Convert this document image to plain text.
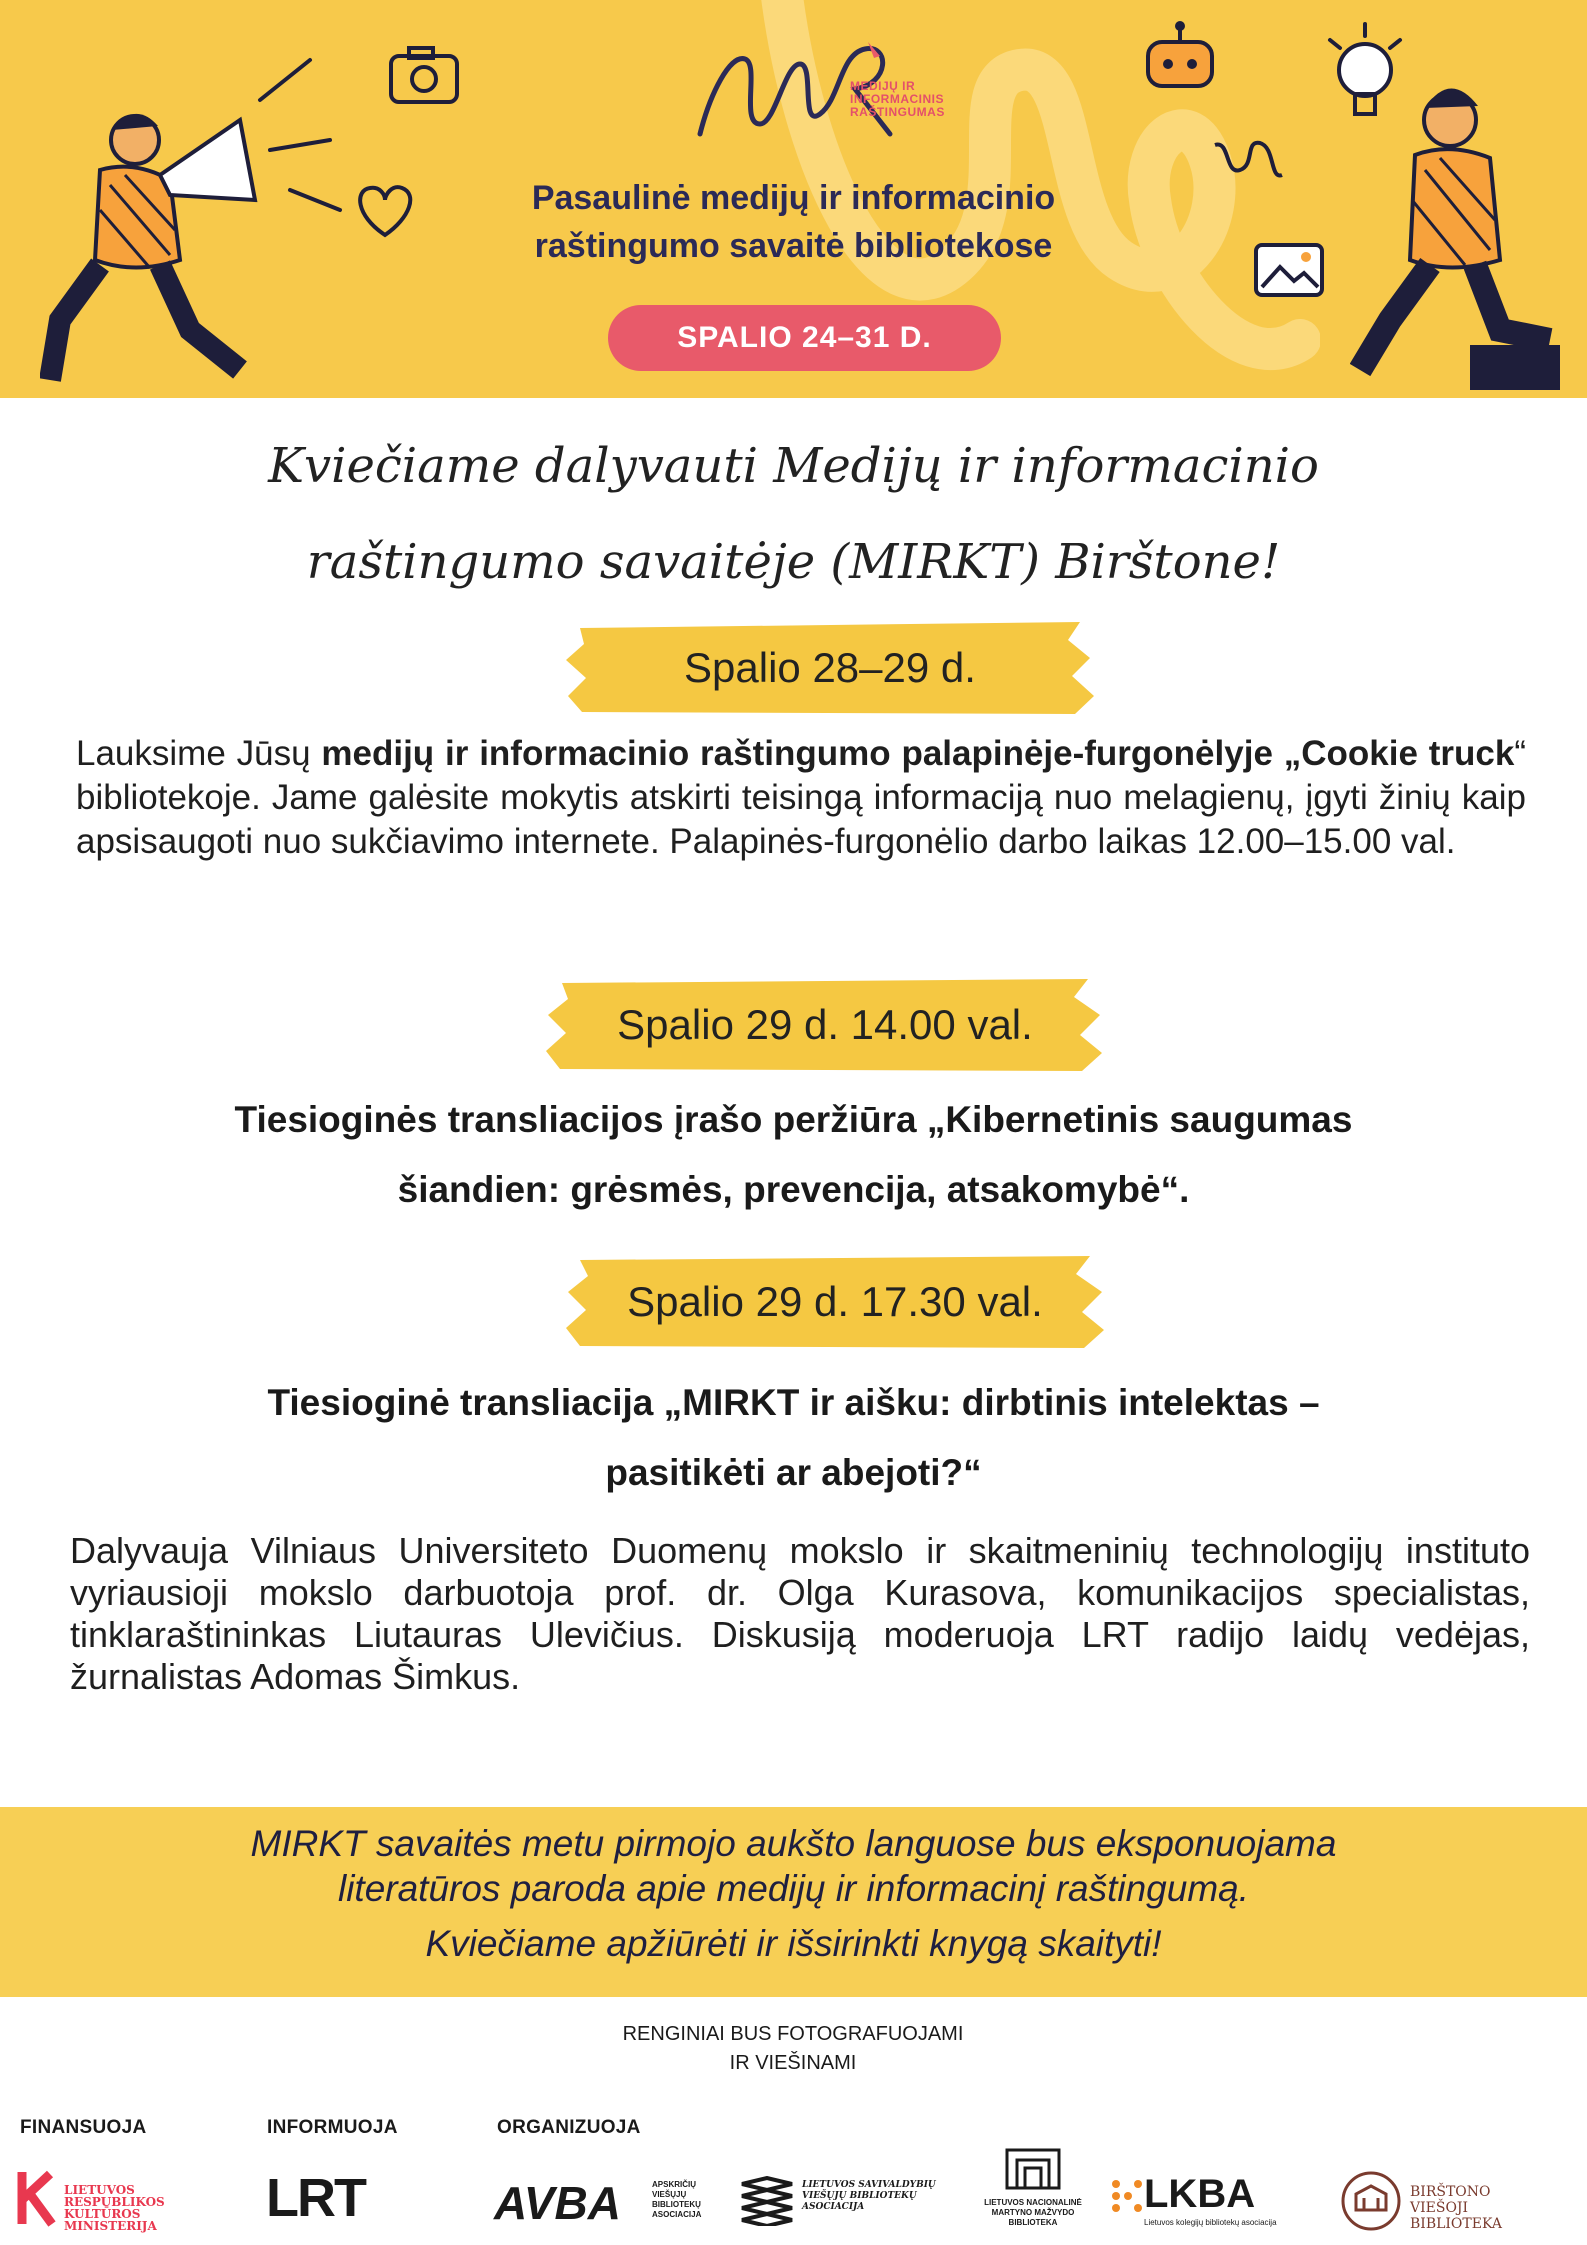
MEDIJŲ IR INFORMACINIS RAŠTINGUMAS
Pasaulinė medijų ir informacinio
raštingumo savaitė bibliotekose
SPALIO 24–31 D.
Kviečiame dalyvauti Medijų ir informacinio
raštingumo savaitėje (MIRKT) Birštone!
Spalio 28–29 d.

Lauksime Jūsų medijų ir informacinio raštingumo palapinėje-furgonėlyje „Cookie truck“ bibliotekoje. Jame galėsite mokytis atskirti teisingą informaciją nuo melagienų, įgyti žinių kaip apsisaugoti nuo sukčiavimo internete. Palapinės-furgonėlio darbo laikas 12.00–15.00 val.

Spalio 29 d. 14.00 val.
Tiesioginės transliacijos įrašo peržiūra „Kibernetinis saugumas
šiandien: grėsmės, prevencija, atsakomybė“.
Spalio 29 d. 17.30 val.
Tiesioginė transliacija „MIRKT ir aišku: dirbtinis intelektas –
pasitikėti ar abejoti?“

Dalyvauja Vilniaus Universiteto Duomenų mokslo ir skaitmeninių technologijų instituto vyriausioji mokslo darbuotoja prof. dr. Olga Kurasova, komunikacijos specialistas, tinklaraštininkas Liutauras Ulevičius. Diskusiją moderuoja LRT radijo laidų vedėjas, žurnalistas Adomas Šimkus.

MIRKT savaitės metu pirmojo aukšto languose bus eksponuojama

literatūros paroda apie medijų ir informacinį raštingumą.

Kviečiame apžiūrėti ir išsirinkti knygą skaityti!

RENGINIAI BUS FOTOGRAFUOJAMI
IR VIEŠINAMI
FINANSUOJA	INFORMUOJA	ORGANIZUOJA
LIETUVOS RESPUBLIKOS KULTŪROS MINISTERIJA	LRT	AVBA	APSKRIČIŲ VIEŠŲJŲ BIBLIOTEKŲ ASOCIACIJA
LIETUVOS SAVIVALDYBIŲ VIEŠŲJŲ BIBLIOTEKŲ ASOCIACIJA	LIETUVOS NACIONALINĖ MARTYNO MAŽVYDO BIBLIOTEKA
LKBA
Lietuvos kolegijų bibliotekų asociacija
BIRŠTONO VIEŠOJI BIBLIOTEKA
